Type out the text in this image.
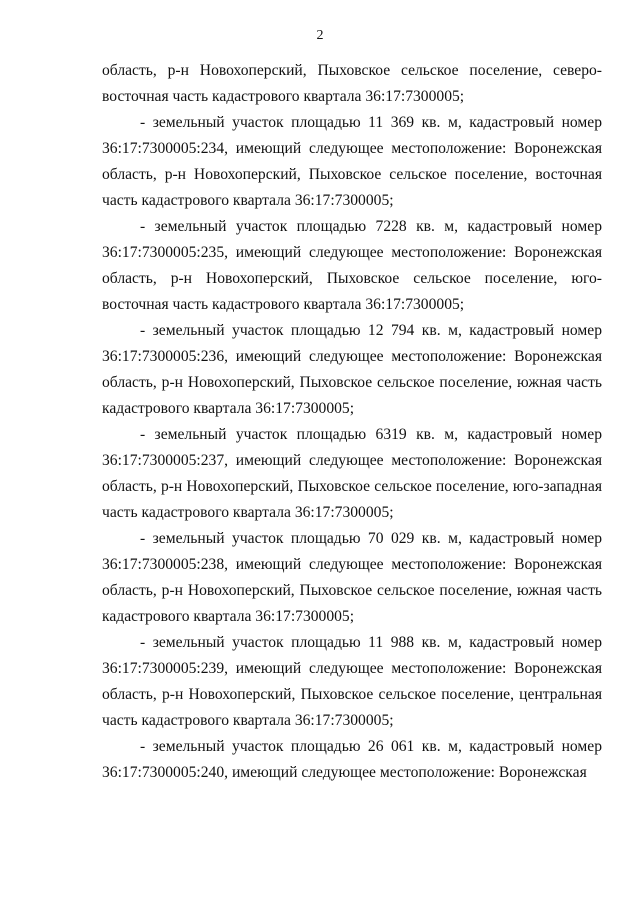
2

область, р-н Новохоперский, Пыховское сельское поселение, северо-восточная часть кадастрового квартала 36:17:7300005;

- земельный участок площадью 11 369 кв. м, кадастровый номер 36:17:7300005:234, имеющий следующее местоположение: Воронежская область, р-н Новохоперский, Пыховское сельское поселение, восточная часть кадастрового квартала 36:17:7300005;

- земельный участок площадью 7228 кв. м, кадастровый номер 36:17:7300005:235, имеющий следующее местоположение: Воронежская область, р-н Новохоперский, Пыховское сельское поселение, юго-восточная часть кадастрового квартала 36:17:7300005;

- земельный участок площадью 12 794 кв. м, кадастровый номер 36:17:7300005:236, имеющий следующее местоположение: Воронежская область, р-н Новохоперский, Пыховское сельское поселение, южная часть кадастрового квартала 36:17:7300005;

- земельный участок площадью 6319 кв. м, кадастровый номер 36:17:7300005:237, имеющий следующее местоположение: Воронежская область, р-н Новохоперский, Пыховское сельское поселение, юго-западная часть кадастрового квартала 36:17:7300005;

- земельный участок площадью 70 029 кв. м, кадастровый номер 36:17:7300005:238, имеющий следующее местоположение: Воронежская область, р-н Новохоперский, Пыховское сельское поселение, южная часть кадастрового квартала 36:17:7300005;

- земельный участок площадью 11 988 кв. м, кадастровый номер 36:17:7300005:239, имеющий следующее местоположение: Воронежская область, р-н Новохоперский, Пыховское сельское поселение, центральная часть кадастрового квартала 36:17:7300005;

- земельный участок площадью 26 061 кв. м, кадастровый номер 36:17:7300005:240, имеющий следующее местоположение: Воронежская
